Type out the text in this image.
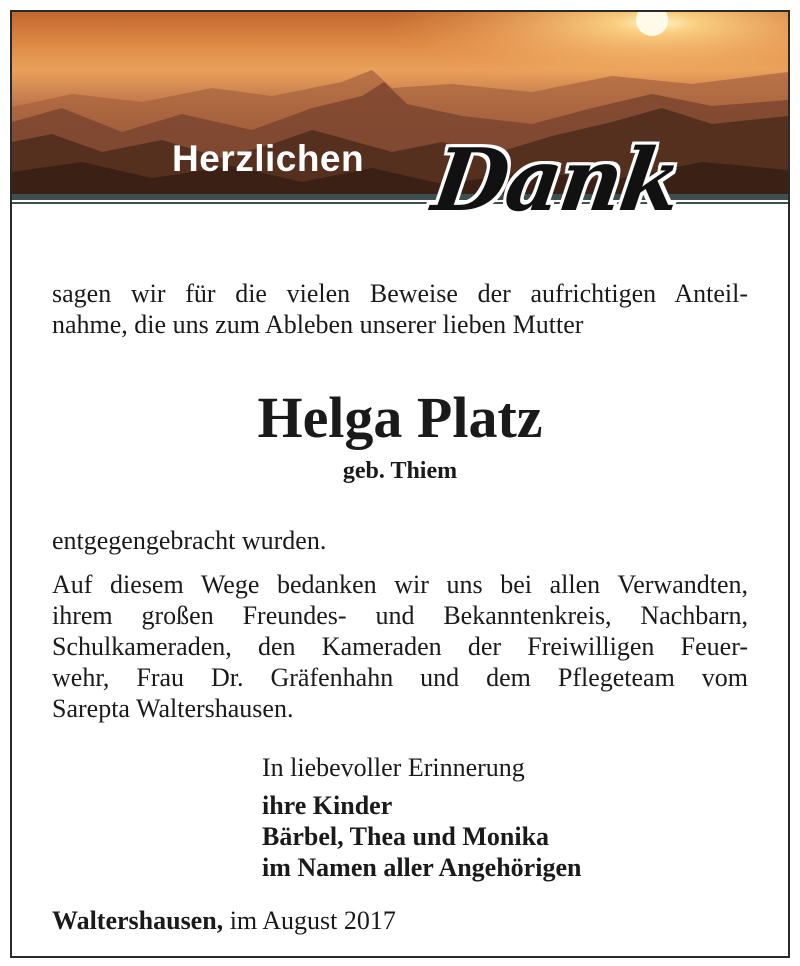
Herzlichen Dank
sagen wir für die vielen Beweise der aufrichtigen Anteil-
nahme, die uns zum Ableben unserer lieben Mutter
Helga Platz
geb. Thiem
entgegengebracht wurden.
Auf diesem Wege bedanken wir uns bei allen Verwandten,
ihrem großen Freundes- und Bekanntenkreis, Nachbarn,
Schulkameraden, den Kameraden der Freiwilligen Feuer-
wehr, Frau Dr. Gräfenhahn und dem Pflegeteam vom
Sarepta Waltershausen.
In liebevoller Erinnerung
ihre Kinder
Bärbel, Thea und Monika
im Namen aller Angehörigen
Waltershausen, im August 2017
